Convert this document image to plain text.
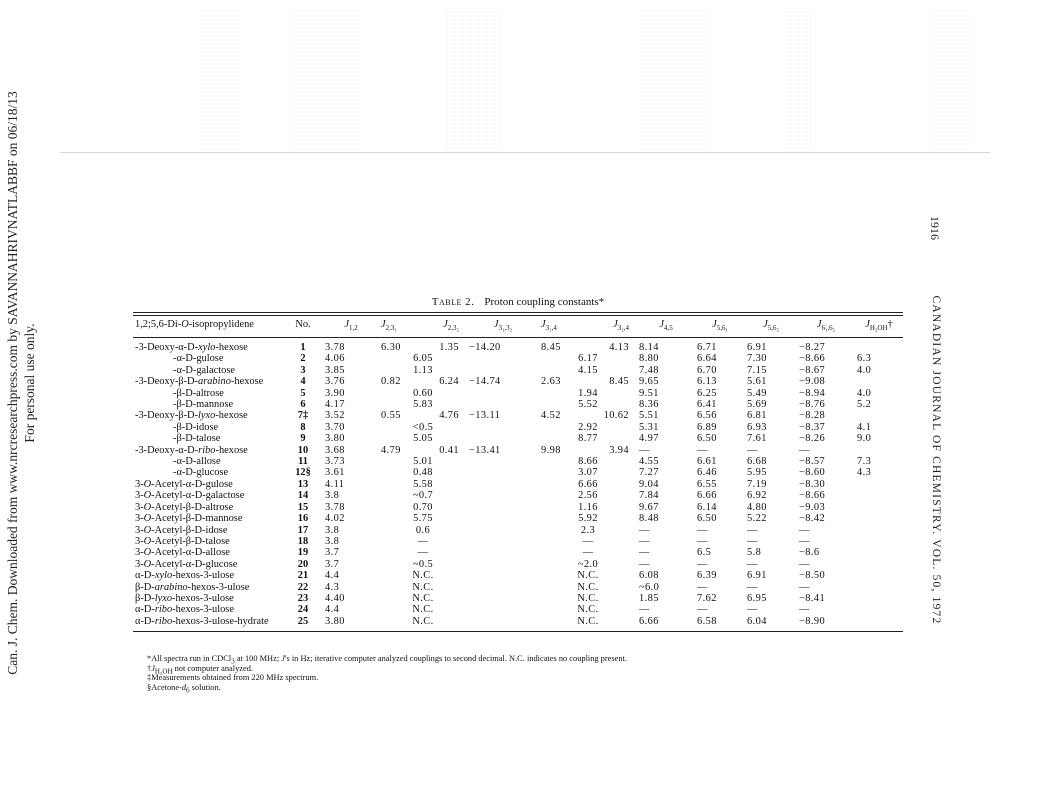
Can. J. Chem. Downloaded from www.nrcresearchpress.com by SAVANNAHRIVNATLABBF on 06/18/13 For personal use only.
1916
CANADIAN JOURNAL OF CHEMISTRY. VOL. 50, 1972
Table 2. Proton coupling constants*
1,2;5,6-Di-O-isopropylidene	No.	$J_{1,2}$	$J_{2,3_1}$ $J_{2,3_2}$	$J_{3_1,3_2}$	$J_{3_1,4}$ $J_{3_2,4}$	$J_{4,5}$	$J_{5,6_1}$	$J_{5,6_2}$	$J_{6_1,6_2}$	$J_{H_2OH}\dagger$
-3-Deoxy-α-D-xylo-hexose	1	3.78	6.30 1.35	−14.20	8.45 4.13	8.14	6.71	6.91	−8.27	
-α-D-gulose	2	4.06	6.05		6.17	8.80	6.64	7.30	−8.66	6.3
-α-D-galactose	3	3.85	1.13		4.15	7.48	6.70	7.15	−8.67	4.0
-3-Deoxy-β-D-arabino-hexose	4	3.76	0.82 6.24	−14.74	2.63 8.45	9.65	6.13	5.61	−9.08	
-β-D-altrose	5	3.90	0.60		1.94	9.51	6.25	5.49	−8.94	4.0
-β-D-mannose	6	4.17	5.83		5.52	8.36	6.41	5.69	−8.76	5.2
-3-Deoxy-β-D-lyxo-hexose	7‡	3.52	0.55 4.76	−13.11	4.52 10.62	5.51	6.56	6.81	−8.28	
-β-D-idose	8	3.70	<0.5		2.92	5.31	6.89	6.93	−8.37	4.1
-β-D-talose	9	3.80	5.05		8.77	4.97	6.50	7.61	−8.26	9.0
-3-Deoxy-α-D-ribo-hexose	10	3.68	4.79 0.41	−13.41	9.98 3.94	—	—	—	—	
-α-D-allose	11	3.73	5.01		8.66	4.55	6.61	6.68	−8.57	7.3
-α-D-glucose	12§	3.61	0.48		3.07	7.27	6.46	5.95	−8.60	4.3
3-O-Acetyl-α-D-gulose	13	4.11	5.58		6.66	9.04	6.55	7.19	−8.30	
3-O-Acetyl-α-D-galactose	14	3.8	~0.7		2.56	7.84	6.66	6.92	−8.66	
3-O-Acetyl-β-D-altrose	15	3.78	0.70		1.16	9.67	6.14	4.80	−9.03	
3-O-Acetyl-β-D-mannose	16	4.02	5.75		5.92	8.48	6.50	5.22	−8.42	
3-O-Acetyl-β-D-idose	17	3.8	0.6		2.3	—	—	—	—	
3-O-Acetyl-β-D-talose	18	3.8	—		—	—	—	—	—	
3-O-Acetyl-α-D-allose	19	3.7	—		—	—	6.5	5.8	−8.6	
3-O-Acetyl-α-D-glucose	20	3.7	~0.5		~2.0	—	—	—	—	
α-D-xylo-hexos-3-ulose	21	4.4	N.C.		N.C.	6.08	6.39	6.91	−8.50	
β-D-arabino-hexos-3-ulose	22	4.3	N.C.		N.C.	~6.0	—	—	—	
β-D-lyxo-hexos-3-ulose	23	4.40	N.C.		N.C.	1.85	7.62	6.95	−8.41	
α-D-ribo-hexos-3-ulose	24	4.4	N.C.		N.C.	—	—	—	—	
α-D-ribo-hexos-3-ulose-hydrate	25	3.80	N.C.		N.C.	6.66	6.58	6.04	−8.90	
*All spectra run in CDCl$_3$ at 100 MHz; J's in Hz; iterative computer analyzed couplings to second decimal. N.C. indicates no coupling present.
$\dagger J_{H_2OH}$ not computer analyzed.
‡Measurements obtained from 220 MHz spectrum.
$\S Acetone-d_6$ solution.
